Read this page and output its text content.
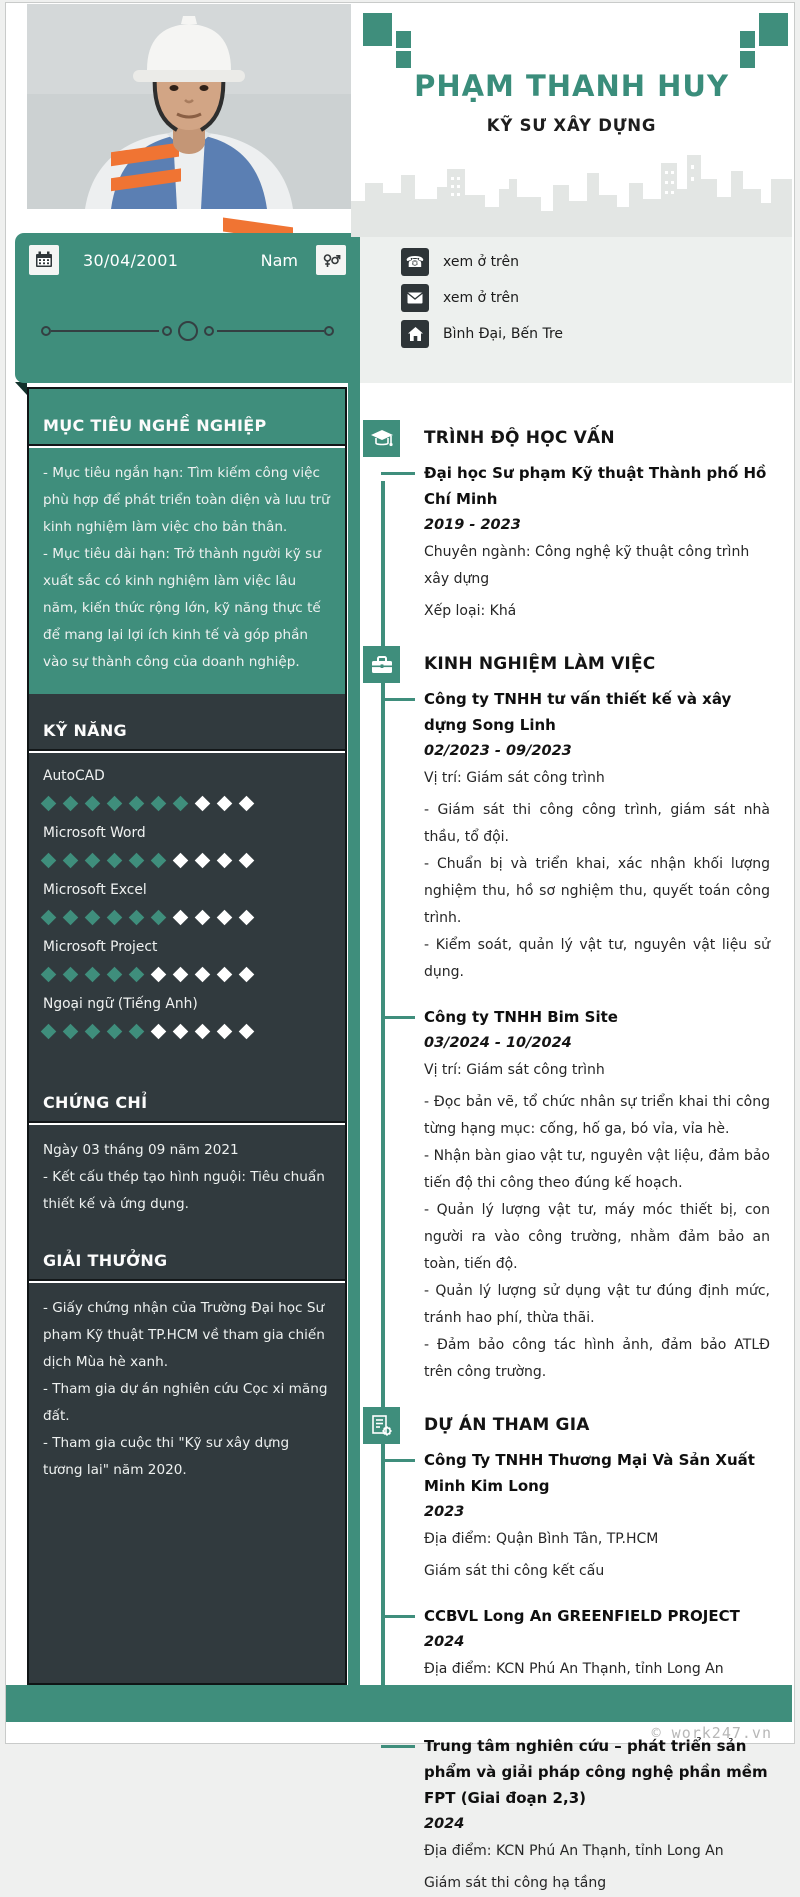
30/04/2001	Nam
MỤC TIÊU NGHỀ NGHIỆP

- Mục tiêu ngắn hạn: Tìm kiếm công việc phù hợp để phát triển toàn diện và lưu trữ kinh nghiệm làm việc cho bản thân.

- Mục tiêu dài hạn: Trở thành người kỹ sư xuất sắc có kinh nghiệm làm việc lâu năm, kiến thức rộng lớn, kỹ năng thực tế để mang lại lợi ích kinh tế và góp phần vào sự thành công của doanh nghiệp.

KỸ NĂNG
AutoCAD
Microsoft Word
Microsoft Excel
Microsoft Project
Ngoại ngữ (Tiếng Anh)
CHỨNG CHỈ

Ngày 03 tháng 09 năm 2021

- Kết cấu thép tạo hình nguội: Tiêu chuẩn thiết kế và ứng dụng.

GIẢI THƯỞNG

- Giấy chứng nhận của Trường Đại học Sư phạm Kỹ thuật TP.HCM về tham gia chiến dịch Mùa hè xanh.

- Tham gia dự án nghiên cứu Cọc xi măng đất.

- Tham gia cuộc thi "Kỹ sư xây dựng tương lai" năm 2020.

PHẠM THANH HUY
KỸ SƯ XÂY DỰNG
☎	xem ở trên
xem ở trên
Bình Đại, Bến Tre
TRÌNH ĐỘ HỌC VẤN
Đại học Sư phạm Kỹ thuật Thành phố Hồ Chí Minh
2019 - 2023
Chuyên ngành: Công nghệ kỹ thuật công trình xây dựng
Xếp loại: Khá
KINH NGHIỆM LÀM VIỆC
Công ty TNHH tư vấn thiết kế và xây dựng Song Linh
02/2023 - 09/2023
Vị trí: Giám sát công trình

- Giám sát thi công công trình, giám sát nhà thầu, tổ đội.

- Chuẩn bị và triển khai, xác nhận khối lượng nghiệm thu, hồ sơ nghiệm thu, quyết toán công trình.

- Kiểm soát, quản lý vật tư, nguyên vật liệu sử dụng.

Công ty TNHH Bim Site
03/2024 - 10/2024
Vị trí: Giám sát công trình

- Đọc bản vẽ, tổ chức nhân sự triển khai thi công từng hạng mục: cống, hố ga, bó vỉa, vỉa hè.

- Nhận bàn giao vật tư, nguyên vật liệu, đảm bảo tiến độ thi công theo đúng kế hoạch.

- Quản lý lượng vật tư, máy móc thiết bị, con người ra vào công trường, nhằm đảm bảo an toàn, tiến độ.

- Quản lý lượng sử dụng vật tư đúng định mức, tránh hao phí, thừa thãi.

- Đảm bảo công tác hình ảnh, đảm bảo ATLĐ trên công trường.

DỰ ÁN THAM GIA
Công Ty TNHH Thương Mại Và Sản Xuất Minh Kim Long
2023
Địa điểm: Quận Bình Tân, TP.HCM
Giám sát thi công kết cấu
CCBVL Long An GREENFIELD PROJECT
2024
Địa điểm: KCN Phú An Thạnh, tỉnh Long An
Trung tâm nghiên cứu – phát triển sản phẩm và giải pháp công nghệ phần mềm FPT (Giai đoạn 2,3)
2024
Địa điểm: KCN Phú An Thạnh, tỉnh Long An
Giám sát thi công hạ tầng
© work247.vn
